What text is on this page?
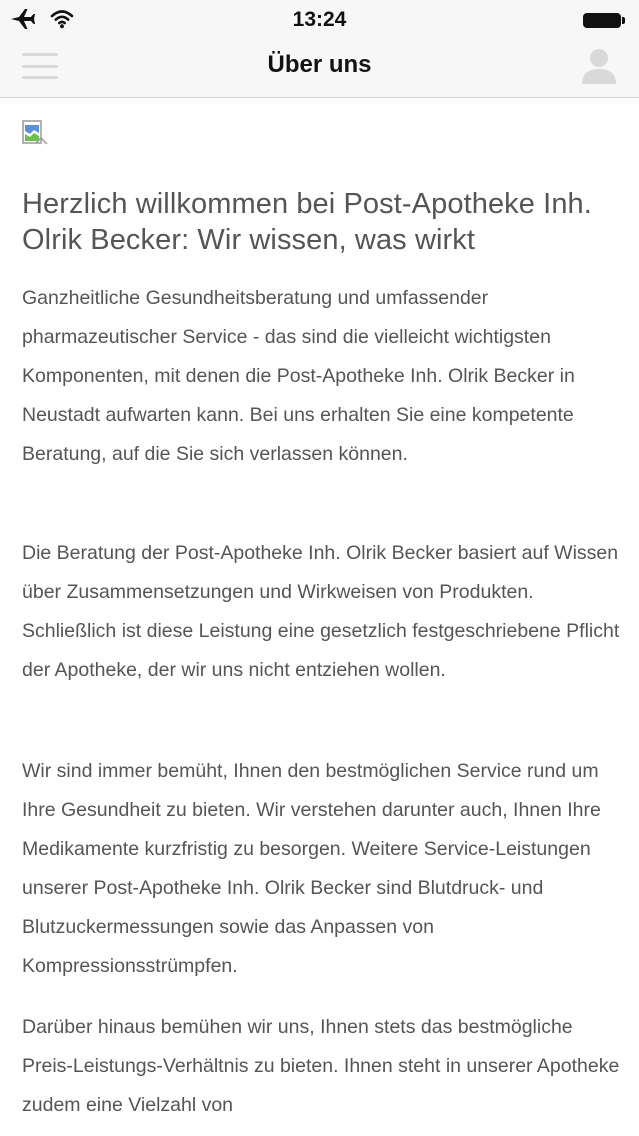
13:24
Über uns
Herzlich willkommen bei Post-Apotheke Inh. Olrik Becker: Wir wissen, was wirkt

Ganzheitliche Gesundheitsberatung und umfassender pharmazeutischer Service - das sind die vielleicht wichtigsten Komponenten, mit denen die Post-Apotheke Inh. Olrik Becker in Neustadt aufwarten kann. Bei uns erhalten Sie eine kompetente Beratung, auf die Sie sich verlassen können.

Die Beratung der Post-Apotheke Inh. Olrik Becker basiert auf Wissen über Zusammensetzungen und Wirkweisen von Produkten. Schließlich ist diese Leistung eine gesetzlich festgeschriebene Pflicht der Apotheke, der wir uns nicht entziehen wollen.

Wir sind immer bemüht, Ihnen den bestmöglichen Service rund um Ihre Gesundheit zu bieten. Wir verstehen darunter auch, Ihnen Ihre Medikamente kurzfristig zu besorgen. Weitere Service-Leistungen unserer Post-Apotheke Inh. Olrik Becker sind Blutdruck- und Blutzuckermessungen sowie das Anpassen von Kompressionsstrümpfen.

Darüber hinaus bemühen wir uns, Ihnen stets das bestmögliche Preis-Leistungs-Verhältnis zu bieten. Ihnen steht in unserer Apotheke zudem eine Vielzahl von
